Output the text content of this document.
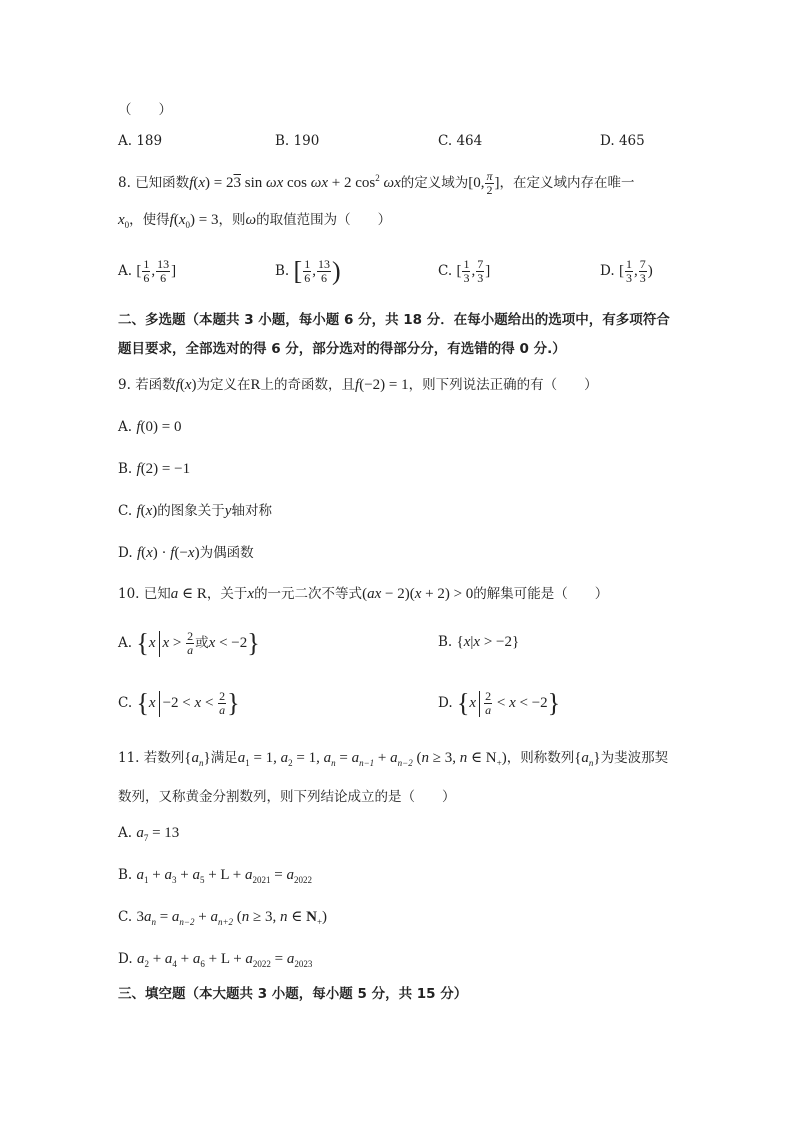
（　　）
A. 189	B. 190	C. 464	D. 465
8. 已知函数f(x) = 23 sin ωx cos ωx + 2 $\cos^2 \omega x$的定义域为[0, $\frac{\pi}{2}$ ]，在定义域内存在唯一
$x_0$，使得$f(x_0) = 3$，则ω的取值范围为（　　）
A. [ $\frac{1}{6}$ , $\frac{13}{6}$ ]	B. [ $\frac{1}{6}$ , $\frac{13}{6}$ )	C. [ $\frac{1}{3}$ , $\frac{7}{3}$ ]	D. [ $\frac{1}{3}$ , $\frac{7}{3}$ )
二、多选题（本题共 3 小题，每小题 6 分，共 18 分．在每小题给出的选项中，有多项符合
题目要求，全部选对的得 6 分，部分选对的得部分分，有选错的得 0 分.）
9. 若函数f(x)为定义在R上的奇函数，且f(−2) = 1，则下列说法正确的有（　　）
A. f(0) = 0
B. f(2) = −1
C. f(x)的图象关于y轴对称
D. f(x) · f(−x)为偶函数
10. 已知a ∈ R，关于x的一元二次不等式(ax − 2)(x + 2) > 0的解集可能是（　　）
A. {x $x > \frac{2}{a}$ 或x < −2}	B. {x|x > −2}
C. {$x -2 < x < \frac{2}{a}$ }	D. $\{x \frac{2}{a} < x < -2\}$
11. 若数列$\{a_n\}$满足$a_1 = 1$, $a_2 = 1$, $a_n = a_{n-1} + a_{n-2}$ (n ≥ 3, n ∈ $N_+$)，则称数列$\{a_n\}$为斐波那契
数列，又称黄金分割数列，则下列结论成立的是（　　）
A. $a_7 = 13$
B. $a_1 + a_3 + a_5 + L + a_{2021} = a_{2022}$
C. $3a_n = a_{n-2} + a_{n+2}$ (n ≥ 3, n ∈ $N_+$)
D. $a_2 + a_4 + a_6 + L + a_{2022} = a_{2023}$
三、填空题（本大题共 3 小题，每小题 5 分，共 15 分）
